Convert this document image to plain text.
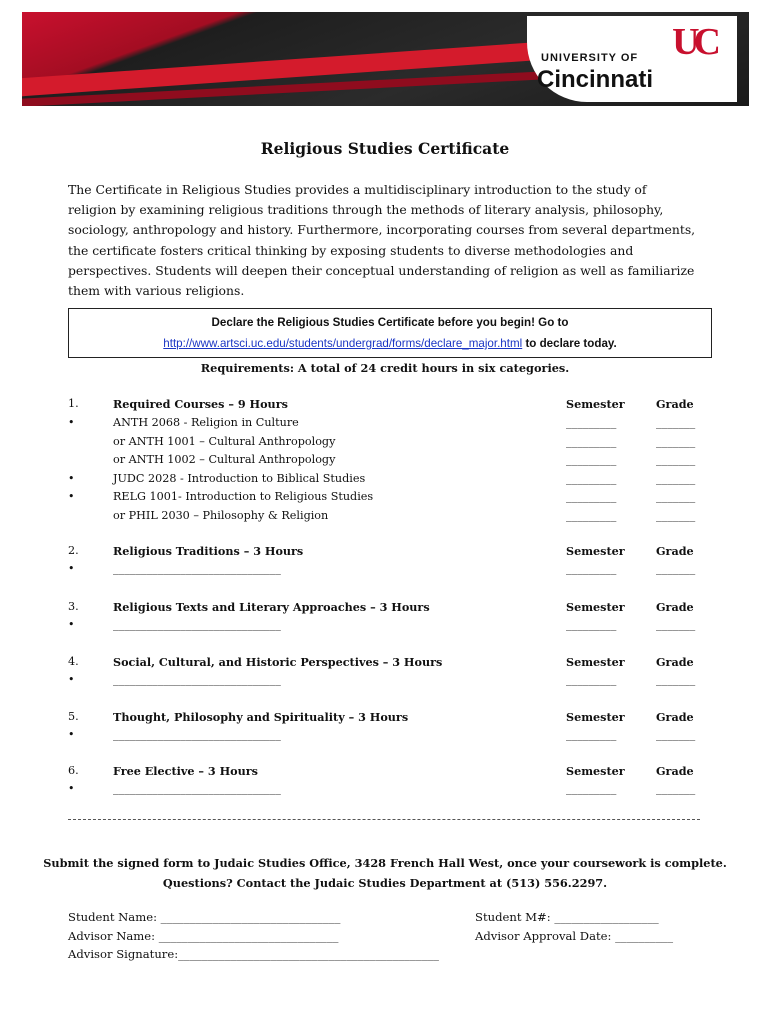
UC
UNIVERSITY OF
Cincinnati
Religious Studies Certificate
The Certificate in Religious Studies provides a multidisciplinary introduction to the study of religion by examining religious traditions through the methods of literary analysis, philosophy, sociology, anthropology and history. Furthermore, incorporating courses from several departments, the certificate fosters critical thinking by exposing students to diverse methodologies and perspectives. Students will deepen their conceptual understanding of religion as well as familiarize them with various religions.
Declare the Religious Studies Certificate before you begin! Go to
http://www.artsci.uc.edu/students/undergrad/forms/declare_major.html to declare today.
Requirements: A total of 24 credit hours in six categories.
1.	Required Courses – 9 Hours	Semester	Grade
•	ANTH 2068 - Religion in Culture	_________	_______
or ANTH 1001 – Cultural Anthropology	_________	_______
or ANTH 1002 – Cultural Anthropology	_________	_______
•	JUDC 2028 - Introduction to Biblical Studies	_________	_______
•	RELG 1001- Introduction to Religious Studies	_________	_______
or PHIL 2030 – Philosophy & Religion	_________	_______
2.	Religious Traditions – 3 Hours	Semester	Grade
•	______________________________	_________	_______
3.	Religious Texts and Literary Approaches – 3 Hours	Semester	Grade
•	______________________________	_________	_______
4.	Social, Cultural, and Historic Perspectives – 3 Hours	Semester	Grade
•	______________________________	_________	_______
5.	Thought, Philosophy and Spirituality – 3 Hours	Semester	Grade
•	______________________________	_________	_______
6.	Free Elective – 3 Hours	Semester	Grade
•	______________________________	_________	_______
Submit the signed form to Judaic Studies Office, 3428 French Hall West, once your coursework is complete.
Questions? Contact the Judaic Studies Department at (513) 556.2297.
Student Name: _______________________________
Advisor Name: _______________________________
Advisor Signature:_____________________________________________
Student M#: __________________
Advisor Approval Date: __________
